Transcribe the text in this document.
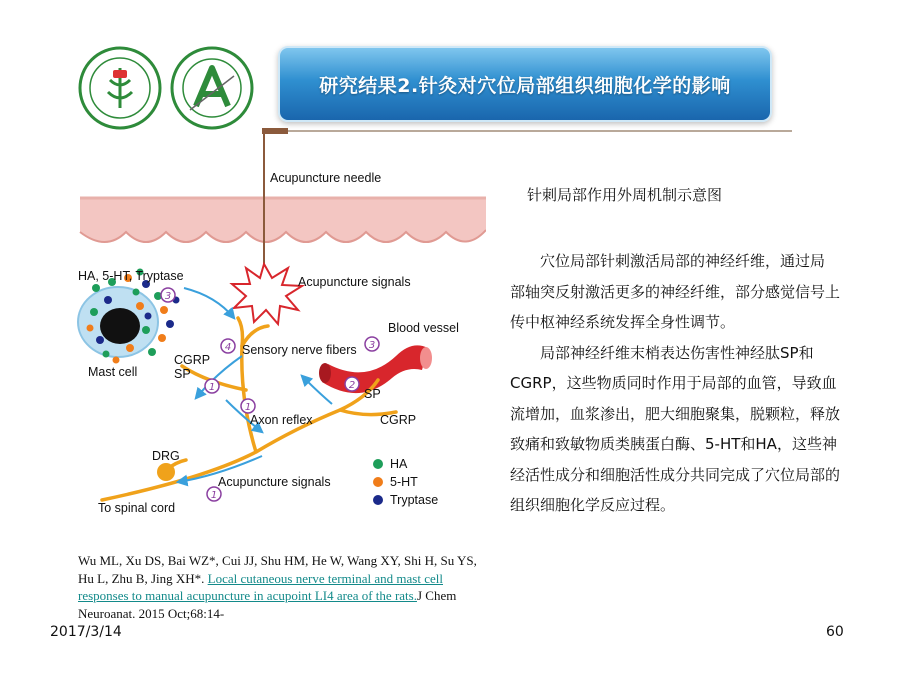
研究结果2.针灸对穴位局部组织细胞化学的影响
3
4
1
1
1
2
3
Acupuncture needle
HA, 5-HT, Tryptase	Acupuncture signals
Sensory nerve fibers
Blood vessel
Mast cell
CGRP
SP
Axon reflex
SP
CGRP
DRG
Acupuncture signals
To spinal cord
HA
5-HT
Tryptase
针刺局部作用外周机制示意图

　　穴位局部针刺激活局部的神经纤维，通过局部轴突反射激活更多的神经纤维，部分感觉信号上传中枢神经系统发挥全身性调节。

　　局部神经纤维末梢表达伤害性神经肽SP和CGRP，这些物质同时作用于局部的血管，导致血流增加，血浆渗出，肥大细胞聚集，脱颗粒，释放致痛和致敏物质类胰蛋白酶、5-HT和HA，这些神经活性成分和细胞活性成分共同完成了穴位局部的组织细胞化学反应过程。

Wu ML, Xu DS, Bai WZ*, Cui JJ, Shu HM, He W, Wang XY, Shi H, Su YS, Hu L, Zhu B, Jing XH*. Local cutaneous nerve terminal and mast cell responses to manual acupuncture in acupoint LI4 area of the rats.J Chem Neuroanat. 2015 Oct;68:14-
2017/3/14	60
